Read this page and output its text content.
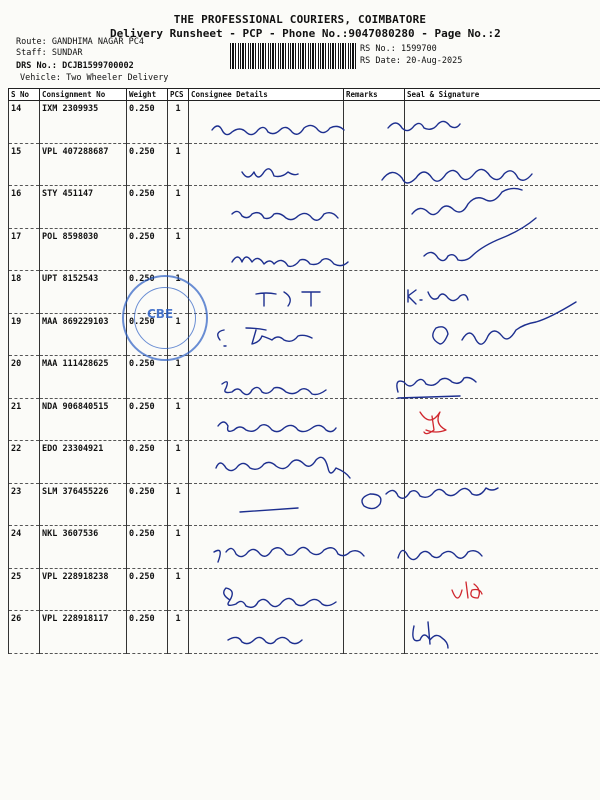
THE PROFESSIONAL COURIERS, COIMBATORE
Delivery Runsheet - PCP - Phone No.:9047080280 - Page No.:2
Route: GANDHIMA NAGAR PC4
Staff: SUNDAR
DRS No.: DCJB1599700002
Vehicle: Two Wheeler Delivery
RS No.: 1599700
RS Date: 20-Aug-2025
S No	Consignment No	Weight	PCS	Consignee Details	Remarks	Seal & Signature
14	IXM 2309935	0.250	1			
15	VPL 407288687	0.250	1			
16	STY 451147	0.250	1			
17	POL 8598030	0.250	1			
18	UPT 8152543	0.250	1			
19	MAA 869229103	0.250	1			
20	MAA 111428625	0.250	1			
21	NDA 906840515	0.250	1			
22	EDO 23304921	0.250	1			
23	SLM 376455226	0.250	1			
24	NKL 3607536	0.250	1			
25	VPL 228918238	0.250	1			
26	VPL 228918117	0.250	1			
CBE
